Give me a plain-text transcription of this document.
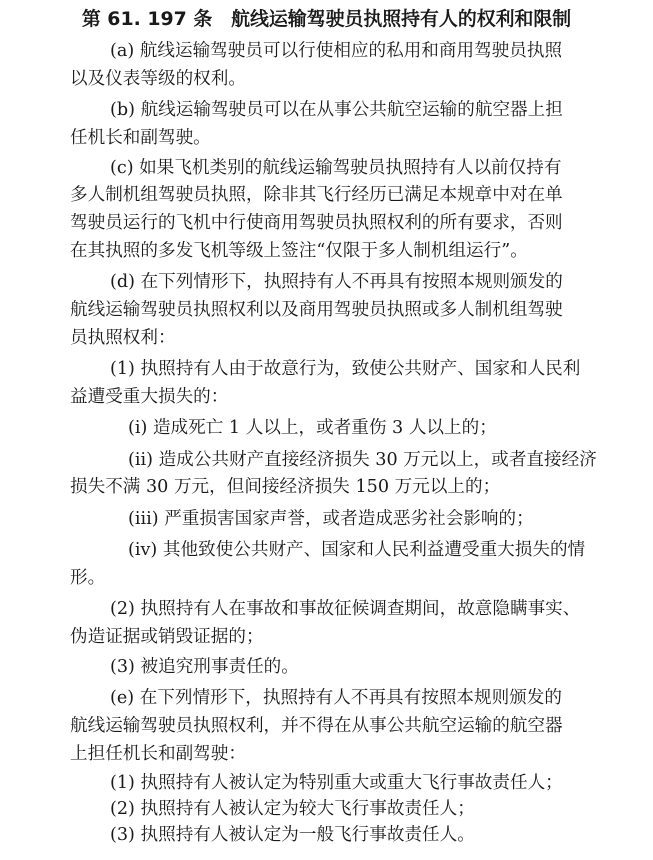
第 61. 197 条　航线运输驾驶员执照持有人的权利和限制
(a) 航线运输驾驶员可以行使相应的私用和商用驾驶员执照
以及仪表等级的权利。
(b) 航线运输驾驶员可以在从事公共航空运输的航空器上担
任机长和副驾驶。
(c) 如果飞机类别的航线运输驾驶员执照持有人以前仅持有
多人制机组驾驶员执照，除非其飞行经历已满足本规章中对在单
驾驶员运行的飞机中行使商用驾驶员执照权利的所有要求，否则
在其执照的多发飞机等级上签注“仅限于多人制机组运行”。
(d) 在下列情形下，执照持有人不再具有按照本规则颁发的
航线运输驾驶员执照权利以及商用驾驶员执照或多人制机组驾驶
员执照权利：
(1) 执照持有人由于故意行为，致使公共财产、国家和人民利
益遭受重大损失的：
(i) 造成死亡 1 人以上，或者重伤 3 人以上的；
(ii) 造成公共财产直接经济损失 30 万元以上，或者直接经济
损失不满 30 万元，但间接经济损失 150 万元以上的；
(iii) 严重损害国家声誉，或者造成恶劣社会影响的；
(iv) 其他致使公共财产、国家和人民利益遭受重大损失的情
形。
(2) 执照持有人在事故和事故征候调查期间，故意隐瞒事实、
伪造证据或销毁证据的；
(3) 被追究刑事责任的。
(e) 在下列情形下，执照持有人不再具有按照本规则颁发的
航线运输驾驶员执照权利，并不得在从事公共航空运输的航空器
上担任机长和副驾驶：
(1) 执照持有人被认定为特别重大或重大飞行事故责任人；
(2) 执照持有人被认定为较大飞行事故责任人；
(3) 执照持有人被认定为一般飞行事故责任人。
